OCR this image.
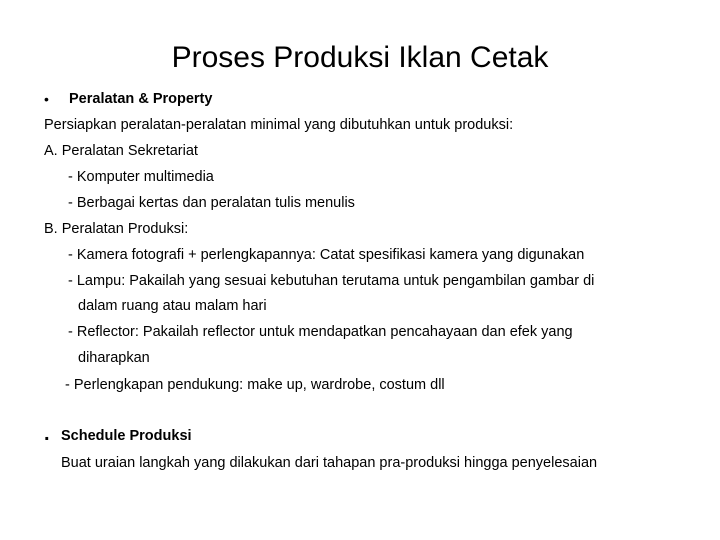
Proses Produksi Iklan Cetak
• Peralatan & Property
Persiapkan peralatan-peralatan minimal yang dibutuhkan untuk produksi:
A. Peralatan Sekretariat
- Komputer multimedia
- Berbagai kertas dan peralatan tulis menulis
B. Peralatan Produksi:
- Kamera fotografi + perlengkapannya: Catat spesifikasi kamera yang digunakan
- Lampu: Pakailah yang sesuai kebutuhan terutama untuk pengambilan gambar di
dalam ruang atau malam hari
- Reflector: Pakailah reflector untuk mendapatkan pencahayaan dan efek yang
diharapkan
- Perlengkapan pendukung: make up, wardrobe, costum dll
. Schedule Produksi
Buat uraian langkah yang dilakukan dari tahapan pra-produksi hingga penyelesaian
